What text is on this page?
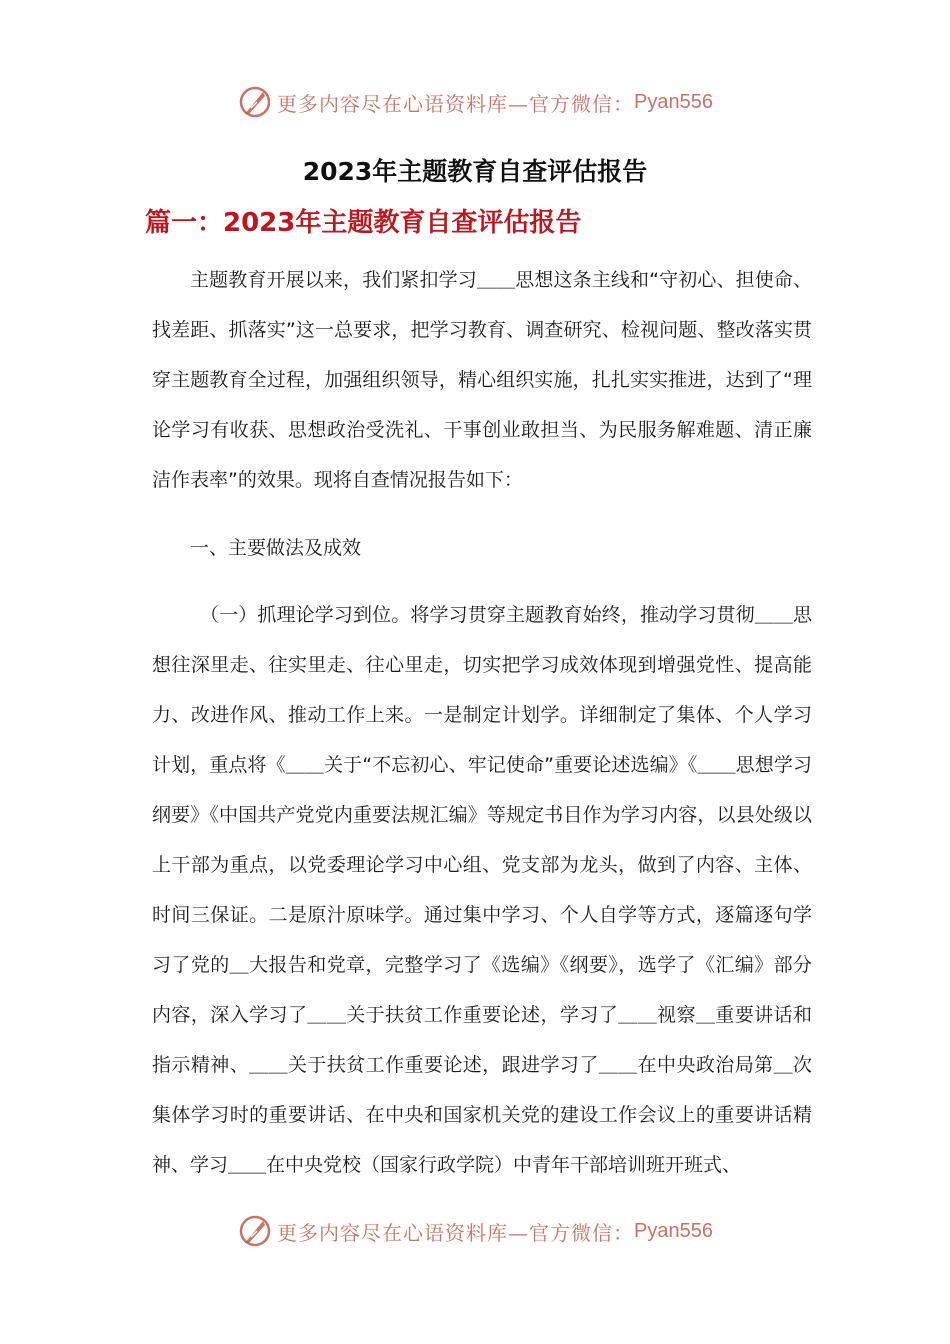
更多内容尽在心语资料库—官方微信： Pyan556
2023年主题教育自查评估报告
篇一：2023年主题教育自查评估报告

主题教育开展以来，我们紧扣学习＿＿思想这条主线和“守初心、担使命、找差距、抓落实”这一总要求，把学习教育、调查研究、检视问题、整改落实贯穿主题教育全过程，加强组织领导，精心组织实施，扎扎实实推进，达到了“理论学习有收获、思想政治受洗礼、干事创业敢担当、为民服务解难题、清正廉洁作表率”的效果。现将自查情况报告如下：

一、主要做法及成效

（一）抓理论学习到位。将学习贯穿主题教育始终，推动学习贯彻＿＿思想往深里走、往实里走、往心里走，切实把学习成效体现到增强党性、提高能力、改进作风、推动工作上来。一是制定计划学。详细制定了集体、个人学习计划，重点将《＿＿关于“不忘初心、牢记使命”重要论述选编》《＿＿思想学习纲要》《中国共产党党内重要法规汇编》等规定书目作为学习内容，以县处级以上干部为重点，以党委理论学习中心组、党支部为龙头，做到了内容、主体、时间三保证。二是原汁原味学。通过集中学习、个人自学等方式，逐篇逐句学习了党的＿大报告和党章，完整学习了《选编》《纲要》，选学了《汇编》部分内容，深入学习了＿＿关于扶贫工作重要论述，学习了＿＿视察＿重要讲话和指示精神、＿＿关于扶贫工作重要论述，跟进学习了＿＿在中央政治局第＿次集体学习时的重要讲话、在中央和国家机关党的建设工作会议上的重要讲话精神、学习＿＿在中央党校（国家行政学院）中青年干部培训班开班式、

更多内容尽在心语资料库—官方微信： Pyan556
